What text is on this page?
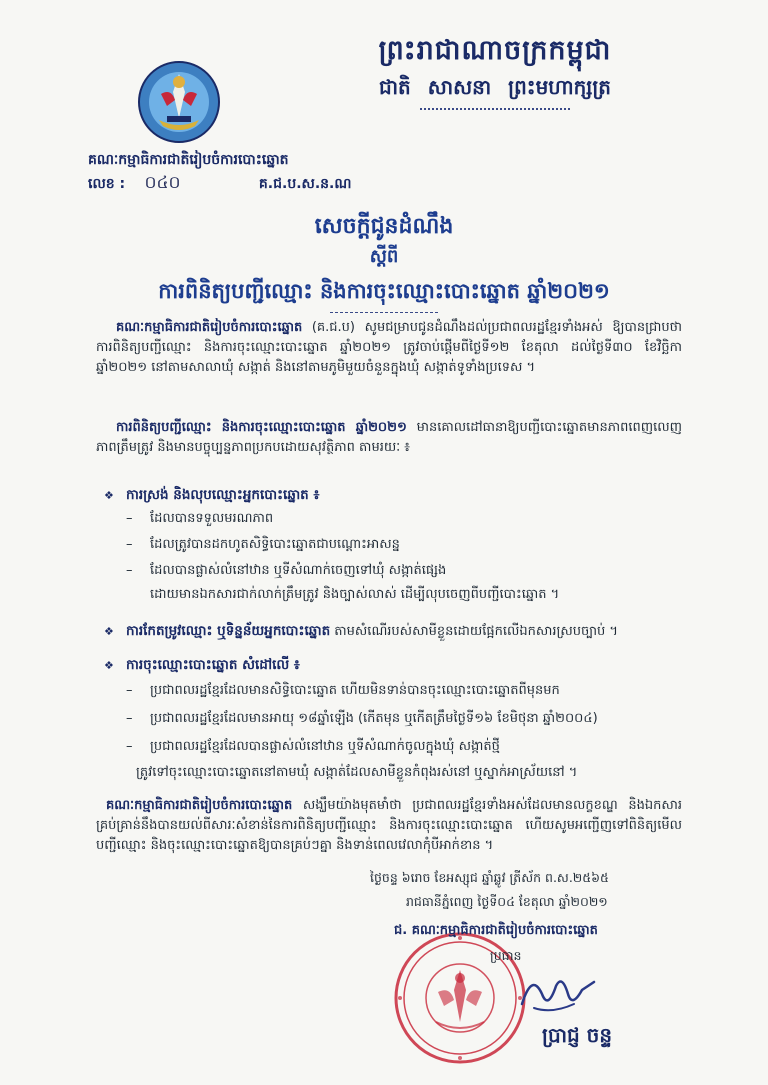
ព្រះរាជាណាចក្រកម្ពុជា
ជាតិ សាសនា ព្រះមហាក្សត្រ
គណៈកម្មាធិការជាតិរៀបចំការបោះឆ្នោត
លេខ : ០៤០	គ.ជ.ប.ស.ន.ណ
សេចក្តីជូនដំណឹង
ស្តីពី
ការពិនិត្យបញ្ជីឈ្មោះ និងការចុះឈ្មោះបោះឆ្នោត ឆ្នាំ២០២១
គណៈកម្មាធិការជាតិរៀបចំការបោះឆ្នោត (គ.ជ.ប) សូមជម្រាបជូនដំណឹងដល់ប្រជាពលរដ្ឋខ្មែរទាំងអស់ ឱ្យបានជ្រាបថា ការពិនិត្យបញ្ជីឈ្មោះ និងការចុះឈ្មោះបោះឆ្នោត ឆ្នាំ២០២១ ត្រូវចាប់ផ្តើមពីថ្ងៃទី១២ ខែតុលា ដល់ថ្ងៃទី៣០ ខែវិច្ឆិកា ឆ្នាំ២០២១ នៅតាមសាលាឃុំ សង្កាត់ និងនៅតាមភូមិមួយចំនួនក្នុងឃុំ សង្កាត់ទូទាំងប្រទេស ។
ការពិនិត្យបញ្ជីឈ្មោះ និងការចុះឈ្មោះបោះឆ្នោត ឆ្នាំ២០២១ មានគោលដៅធានាឱ្យបញ្ជីបោះឆ្នោតមានភាពពេញលេញ ភាពត្រឹមត្រូវ និងមានបច្ចុប្បន្នភាពប្រកបដោយសុវត្ថិភាព តាមរយៈ ៖
❖ ការស្រង់ និងលុបឈ្មោះអ្នកបោះឆ្នោត ៖
– ដែលបានទទួលមរណភាព
– ដែលត្រូវបានដកហូតសិទ្ធិបោះឆ្នោតជាបណ្តោះអាសន្ន
– ដែលបានផ្លាស់លំនៅឋាន ឬទីសំណាក់ចេញទៅឃុំ សង្កាត់ផ្សេង
ដោយមានឯកសារជាក់លាក់ត្រឹមត្រូវ និងច្បាស់លាស់ ដើម្បីលុបចេញពីបញ្ជីបោះឆ្នោត ។
❖ ការកែតម្រូវឈ្មោះ ឬទិន្នន័យអ្នកបោះឆ្នោត តាមសំណើរបស់សាមីខ្លួនដោយផ្អែកលើឯកសារស្របច្បាប់ ។
❖ ការចុះឈ្មោះបោះឆ្នោត សំដៅលើ ៖
– ប្រជាពលរដ្ឋខ្មែរដែលមានសិទ្ធិបោះឆ្នោត ហើយមិនទាន់បានចុះឈ្មោះបោះឆ្នោតពីមុនមក
– ប្រជាពលរដ្ឋខ្មែរដែលមានអាយុ ១៨ឆ្នាំឡើង (កើតមុន ឬកើតត្រឹមថ្ងៃទី១៦ ខែមិថុនា ឆ្នាំ២០០៤)
– ប្រជាពលរដ្ឋខ្មែរដែលបានផ្លាស់លំនៅឋាន ឬទីសំណាក់ចូលក្នុងឃុំ សង្កាត់ថ្មី
ត្រូវទៅចុះឈ្មោះបោះឆ្នោតនៅតាមឃុំ សង្កាត់ដែលសាមីខ្លួនកំពុងរស់នៅ ឬស្នាក់អាស្រ័យនៅ ។
គណៈកម្មាធិការជាតិរៀបចំការបោះឆ្នោត សង្ឃឹមយ៉ាងមុតមាំថា ប្រជាពលរដ្ឋខ្មែរទាំងអស់ដែលមានលក្ខខណ្ឌ និងឯកសារគ្រប់គ្រាន់នឹងបានយល់ពីសារៈសំខាន់នៃការពិនិត្យបញ្ជីឈ្មោះ និងការចុះឈ្មោះបោះឆ្នោត ហើយសូមអញ្ជើញទៅពិនិត្យមើលបញ្ជីឈ្មោះ និងចុះឈ្មោះបោះឆ្នោតឱ្យបានគ្រប់ៗគ្នា និងទាន់ពេលវេលាកុំបីអាក់ខាន ។
ថ្ងៃចន្ទ ៦រោច ខែអស្សុជ ឆ្នាំឆ្លូវ ត្រីស័ក ព.ស.២៥៦៥
រាជធានីភ្នំពេញ ថ្ងៃទី០៤ ខែតុលា ឆ្នាំ២០២១
ជ. គណៈកម្មាធិការជាតិរៀបចំការបោះឆ្នោត
ប្រធាន
ប្រាជ្ញ ចន្ទ
